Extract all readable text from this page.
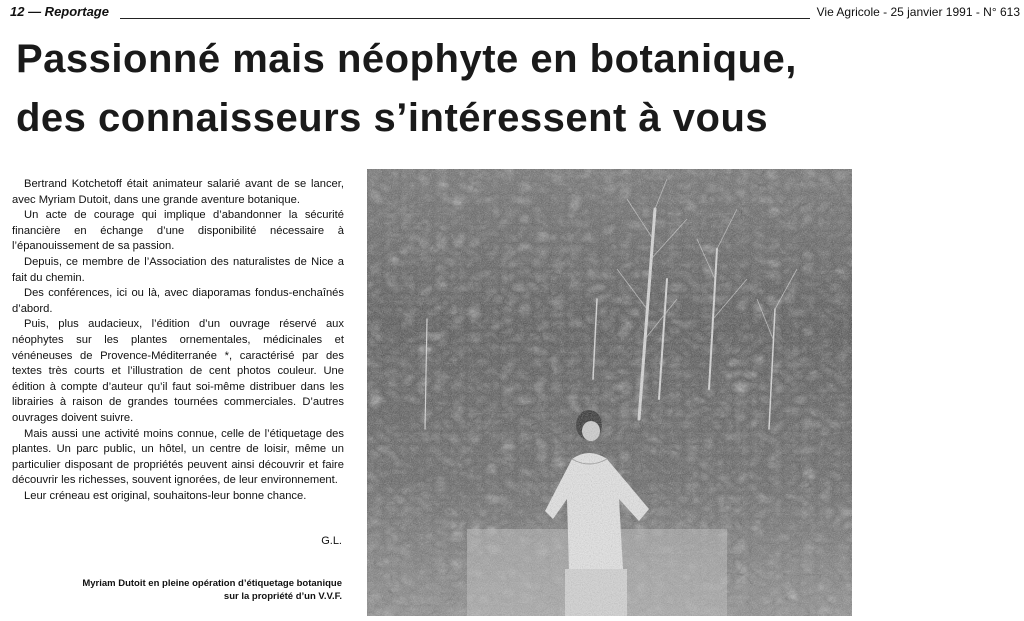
12 — Reportage	Vie Agricole - 25 janvier 1991 - N° 613
Passionné mais néophyte en botanique,
des connaisseurs s’intéressent à vous

Bertrand Kotchetoff était animateur salarié avant de se lancer, avec Myriam Dutoit, dans une grande aventure botanique.

Un acte de courage qui implique d’abandonner la sécurité financière en échange d’une disponibilité nécessaire à l’épanouissement de sa passion.

Depuis, ce membre de l’Association des naturalistes de Nice a fait du chemin.

Des conférences, ici ou là, avec diaporamas fondus-enchaînés d’abord.

Puis, plus audacieux, l’édition d’un ouvrage réservé aux néophytes sur les plantes ornementales, médicinales et vénéneuses de Provence-Méditerranée *, caractérisé par des textes très courts et l’illustration de cent photos couleur. Une édition à compte d’auteur qu’il faut soi-même distribuer dans les librairies à raison de grandes tournées commerciales. D’autres ouvrages doivent suivre.

Mais aussi une activité moins connue, celle de l’étiquetage des plantes. Un parc public, un hôtel, un centre de loisir, même un particulier disposant de propriétés peuvent ainsi découvrir et faire découvrir les richesses, souvent ignorées, de leur environnement.

Leur créneau est original, souhaitons-leur bonne chance.

G.L.
Myriam Dutoit en pleine opération d’étiquetage botanique
sur la propriété d’un V.V.F.
